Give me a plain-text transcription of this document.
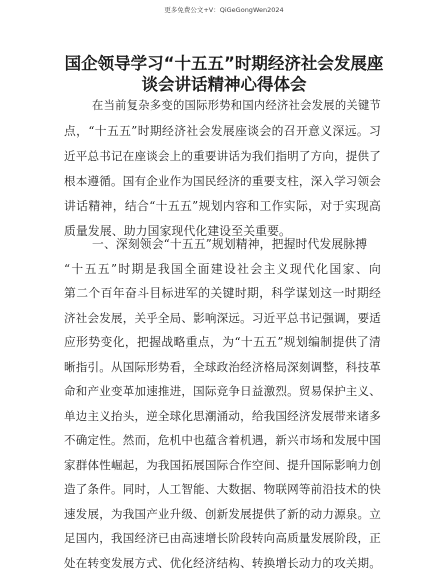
更多免费公文+V：QiGeGongWen2024
国企领导学习“十五五”时期经济社会发展座
谈会讲话精神心得体会
在当前复杂多变的国际形势和国内经济社会发展的关键节
点，“十五五”时期经济社会发展座谈会的召开意义深远。习
近平总书记在座谈会上的重要讲话为我们指明了方向，提供了
根本遵循。国有企业作为国民经济的重要支柱，深入学习领会
讲话精神，结合“十五五”规划内容和工作实际，对于实现高
质量发展、助力国家现代化建设至关重要。
一、深刻领会“十五五”规划精神，把握时代发展脉搏
“十五五”时期是我国全面建设社会主义现代化国家、向
第二个百年奋斗目标进军的关键时期，科学谋划这一时期经
济社会发展，关乎全局、影响深远。习近平总书记强调，要适
应形势变化，把握战略重点，为“十五五”规划编制提供了清
晰指引。从国际形势看，全球政治经济格局深刻调整，科技革
命和产业变革加速推进，国际竞争日益激烈。贸易保护主义、
单边主义抬头，逆全球化思潮涌动，给我国经济发展带来诸多
不确定性。然而，危机中也蕴含着机遇，新兴市场和发展中国
家群体性崛起，为我国拓展国际合作空间、提升国际影响力创
造了条件。同时，人工智能、大数据、物联网等前沿技术的快
速发展，为我国产业升级、创新发展提供了新的动力源泉。立
足国内，我国经济已由高速增长阶段转向高质量发展阶段，正
处在转变发展方式、优化经济结构、转换增长动力的攻关期。
